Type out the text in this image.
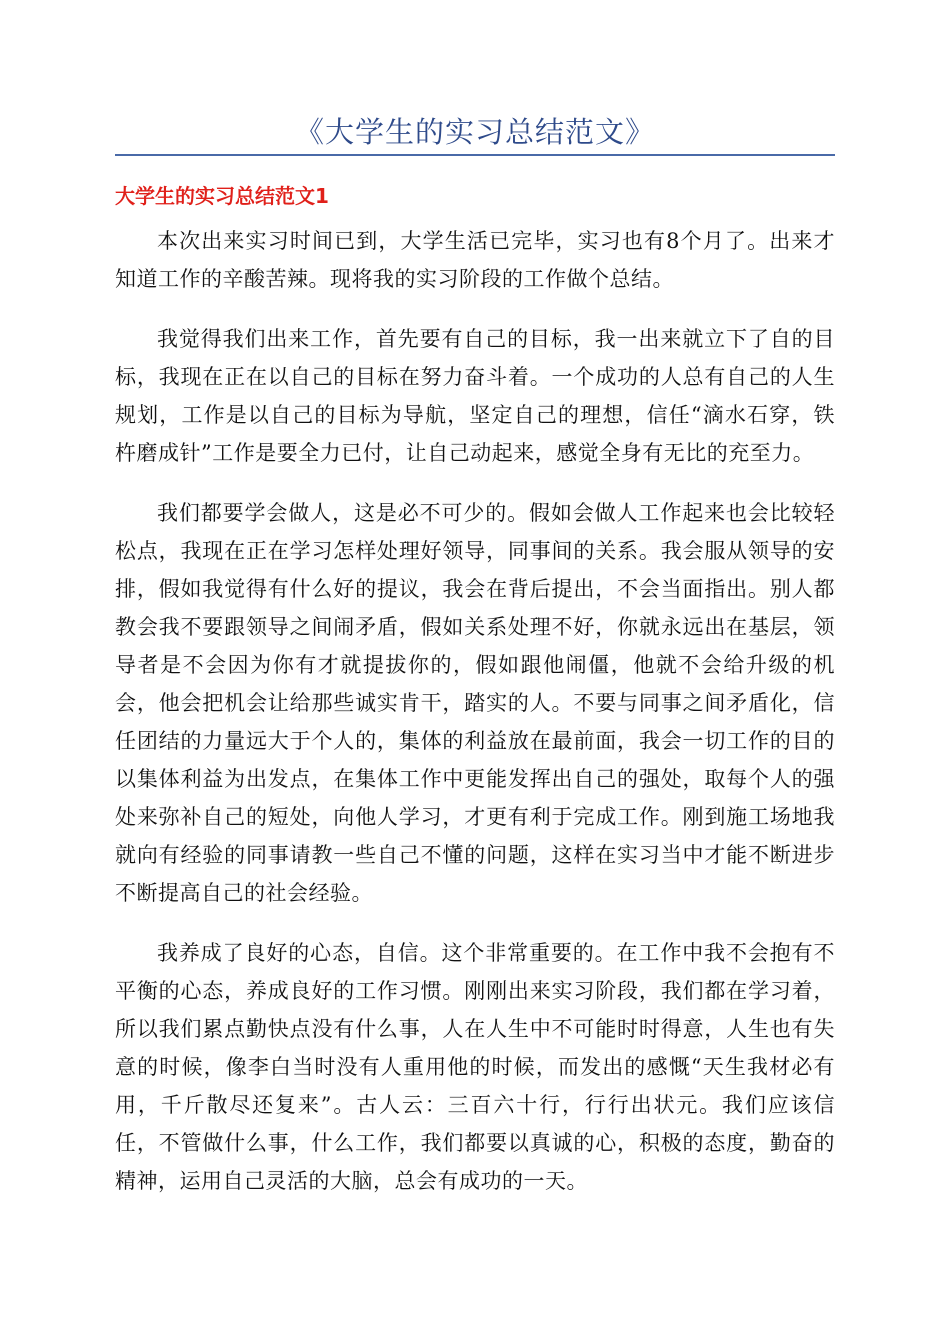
《大学生的实习总结范文》
大学生的实习总结范文1

本次出来实习时间已到，大学生活已完毕，实习也有8个月了。出来才知道工作的辛酸苦辣。现将我的实习阶段的工作做个总结。

我觉得我们出来工作，首先要有自己的目标，我一出来就立下了自的目标，我现在正在以自己的目标在努力奋斗着。一个成功的人总有自己的人生规划，工作是以自己的目标为导航，坚定自己的理想，信任“滴水石穿，铁杵磨成针”工作是要全力已付，让自己动起来，感觉全身有无比的充至力。

我们都要学会做人，这是必不可少的。假如会做人工作起来也会比较轻松点，我现在正在学习怎样处理好领导，同事间的关系。我会服从领导的安排，假如我觉得有什么好的提议，我会在背后提出，不会当面指出。别人都教会我不要跟领导之间闹矛盾，假如关系处理不好，你就永远出在基层，领导者是不会因为你有才就提拔你的，假如跟他闹僵，他就不会给升级的机会，他会把机会让给那些诚实肯干，踏实的人。不要与同事之间矛盾化，信任团结的力量远大于个人的，集体的利益放在最前面，我会一切工作的目的以集体利益为出发点，在集体工作中更能发挥出自己的强处，取每个人的强处来弥补自己的短处，向他人学习，才更有利于完成工作。刚到施工场地我就向有经验的同事请教一些自己不懂的问题，这样在实习当中才能不断进步不断提高自己的社会经验。

我养成了良好的心态，自信。这个非常重要的。在工作中我不会抱有不平衡的心态，养成良好的工作习惯。刚刚出来实习阶段，我们都在学习着，所以我们累点勤快点没有什么事，人在人生中不可能时时得意，人生也有失意的时候，像李白当时没有人重用他的时候，而发出的感慨“天生我材必有用，千斤散尽还复来”。古人云：三百六十行，行行出状元。我们应该信任，不管做什么事，什么工作，我们都要以真诚的心，积极的态度，勤奋的精神，运用自己灵活的大脑，总会有成功的一天。
